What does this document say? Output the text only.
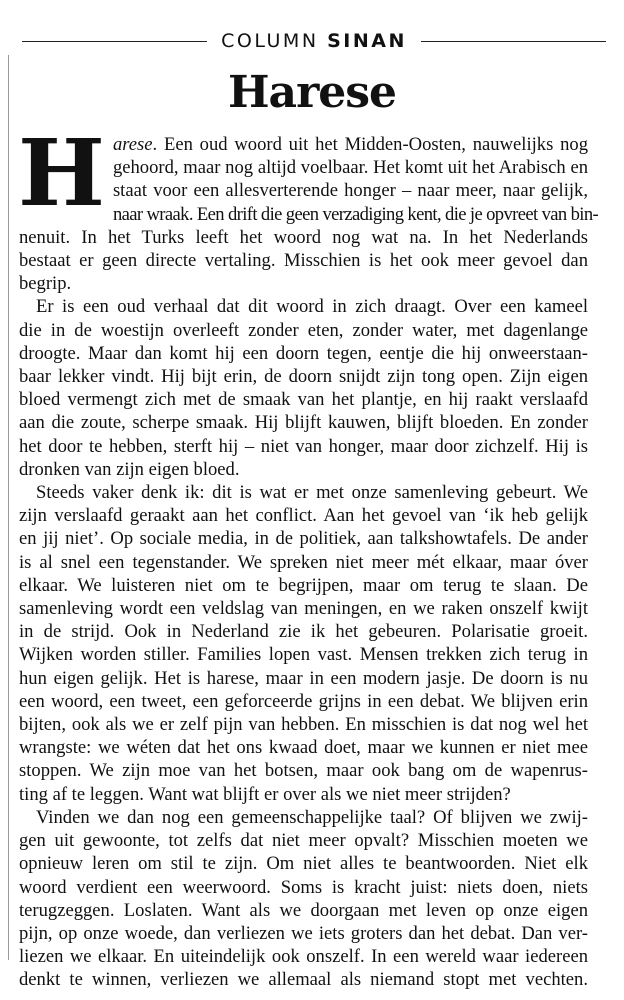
COLUMN SINAN
Harese
H arese. Een oud woord uit het Midden-Oosten, nauwelijks nog
gehoord, maar nog altijd voelbaar. Het komt uit het Arabisch en
staat voor een allesverterende honger – naar meer, naar gelijk,
naar wraak. Een drift die geen verzadiging kent, die je opvreet van bin-
nenuit. In het Turks leeft het woord nog wat na. In het Nederlands
bestaat er geen directe vertaling. Misschien is het ook meer gevoel dan
begrip.
Er is een oud verhaal dat dit woord in zich draagt. Over een kameel
die in de woestijn overleeft zonder eten, zonder water, met dagenlange
droogte. Maar dan komt hij een doorn tegen, eentje die hij onweerstaan-
baar lekker vindt. Hij bijt erin, de doorn snijdt zijn tong open. Zijn eigen
bloed vermengt zich met de smaak van het plantje, en hij raakt verslaafd
aan die zoute, scherpe smaak. Hij blijft kauwen, blijft bloeden. En zonder
het door te hebben, sterft hij – niet van honger, maar door zichzelf. Hij is
dronken van zijn eigen bloed.
Steeds vaker denk ik: dit is wat er met onze samenleving gebeurt. We
zijn verslaafd geraakt aan het conflict. Aan het gevoel van ‘ik heb gelijk
en jij niet’. Op sociale media, in de politiek, aan talkshowtafels. De ander
is al snel een tegenstander. We spreken niet meer mét elkaar, maar óver
elkaar. We luisteren niet om te begrijpen, maar om terug te slaan. De
samenleving wordt een veldslag van meningen, en we raken onszelf kwijt
in de strijd. Ook in Nederland zie ik het gebeuren. Polarisatie groeit.
Wijken worden stiller. Families lopen vast. Mensen trekken zich terug in
hun eigen gelijk. Het is harese, maar in een modern jasje. De doorn is nu
een woord, een tweet, een geforceerde grijns in een debat. We blijven erin
bijten, ook als we er zelf pijn van hebben. En misschien is dat nog wel het
wrangste: we wéten dat het ons kwaad doet, maar we kunnen er niet mee
stoppen. We zijn moe van het botsen, maar ook bang om de wapenrus-
ting af te leggen. Want wat blijft er over als we niet meer strijden?
Vinden we dan nog een gemeenschappelijke taal? Of blijven we zwij-
gen uit gewoonte, tot zelfs dat niet meer opvalt? Misschien moeten we
opnieuw leren om stil te zijn. Om niet alles te beantwoorden. Niet elk
woord verdient een weerwoord. Soms is kracht juist: niets doen, niets
terugzeggen. Loslaten. Want als we doorgaan met leven op onze eigen
pijn, op onze woede, dan verliezen we iets groters dan het debat. Dan ver-
liezen we elkaar. En uiteindelijk ook onszelf. In een wereld waar iedereen
denkt te winnen, verliezen we allemaal als niemand stopt met vechten.
